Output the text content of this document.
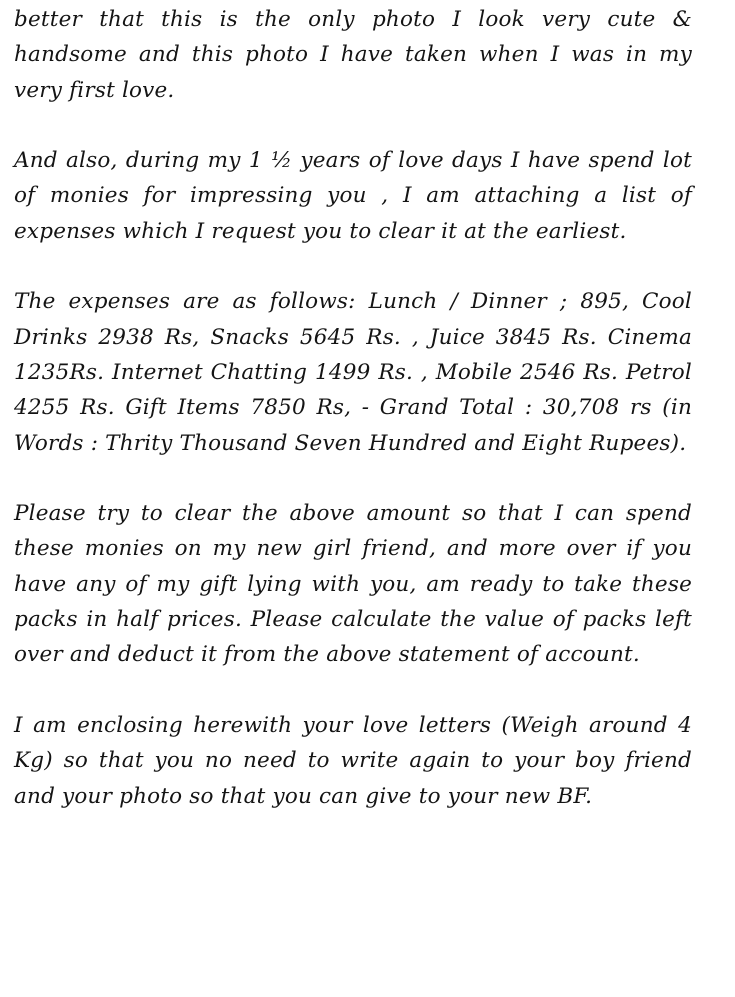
better that this is the only photo I look very cute & handsome and this photo I have taken when I was in my very first love.

And also, during my 1 ½ years of love days I have spend lot of monies for impressing you , I am attaching a list of expenses which I request you to clear it at the earliest.

The expenses are as follows: Lunch / Dinner ; 895, Cool Drinks 2938 Rs, Snacks 5645 Rs. , Juice 3845 Rs. Cinema 1235Rs. Internet Chatting 1499 Rs. , Mobile 2546 Rs. Petrol 4255 Rs. Gift Items 7850 Rs, - Grand Total : 30,708 rs (in Words : Thrity Thousand Seven Hundred and Eight Rupees).

Please try to clear the above amount so that I can spend these monies on my new girl friend, and more over if you have any of my gift lying with you, am ready to take these packs in half prices. Please calculate the value of packs left over and deduct it from the above statement of account.

I am enclosing herewith your love letters (Weigh around 4 Kg) so that you no need to write again to your boy friend and your photo so that you can give to your new BF.
